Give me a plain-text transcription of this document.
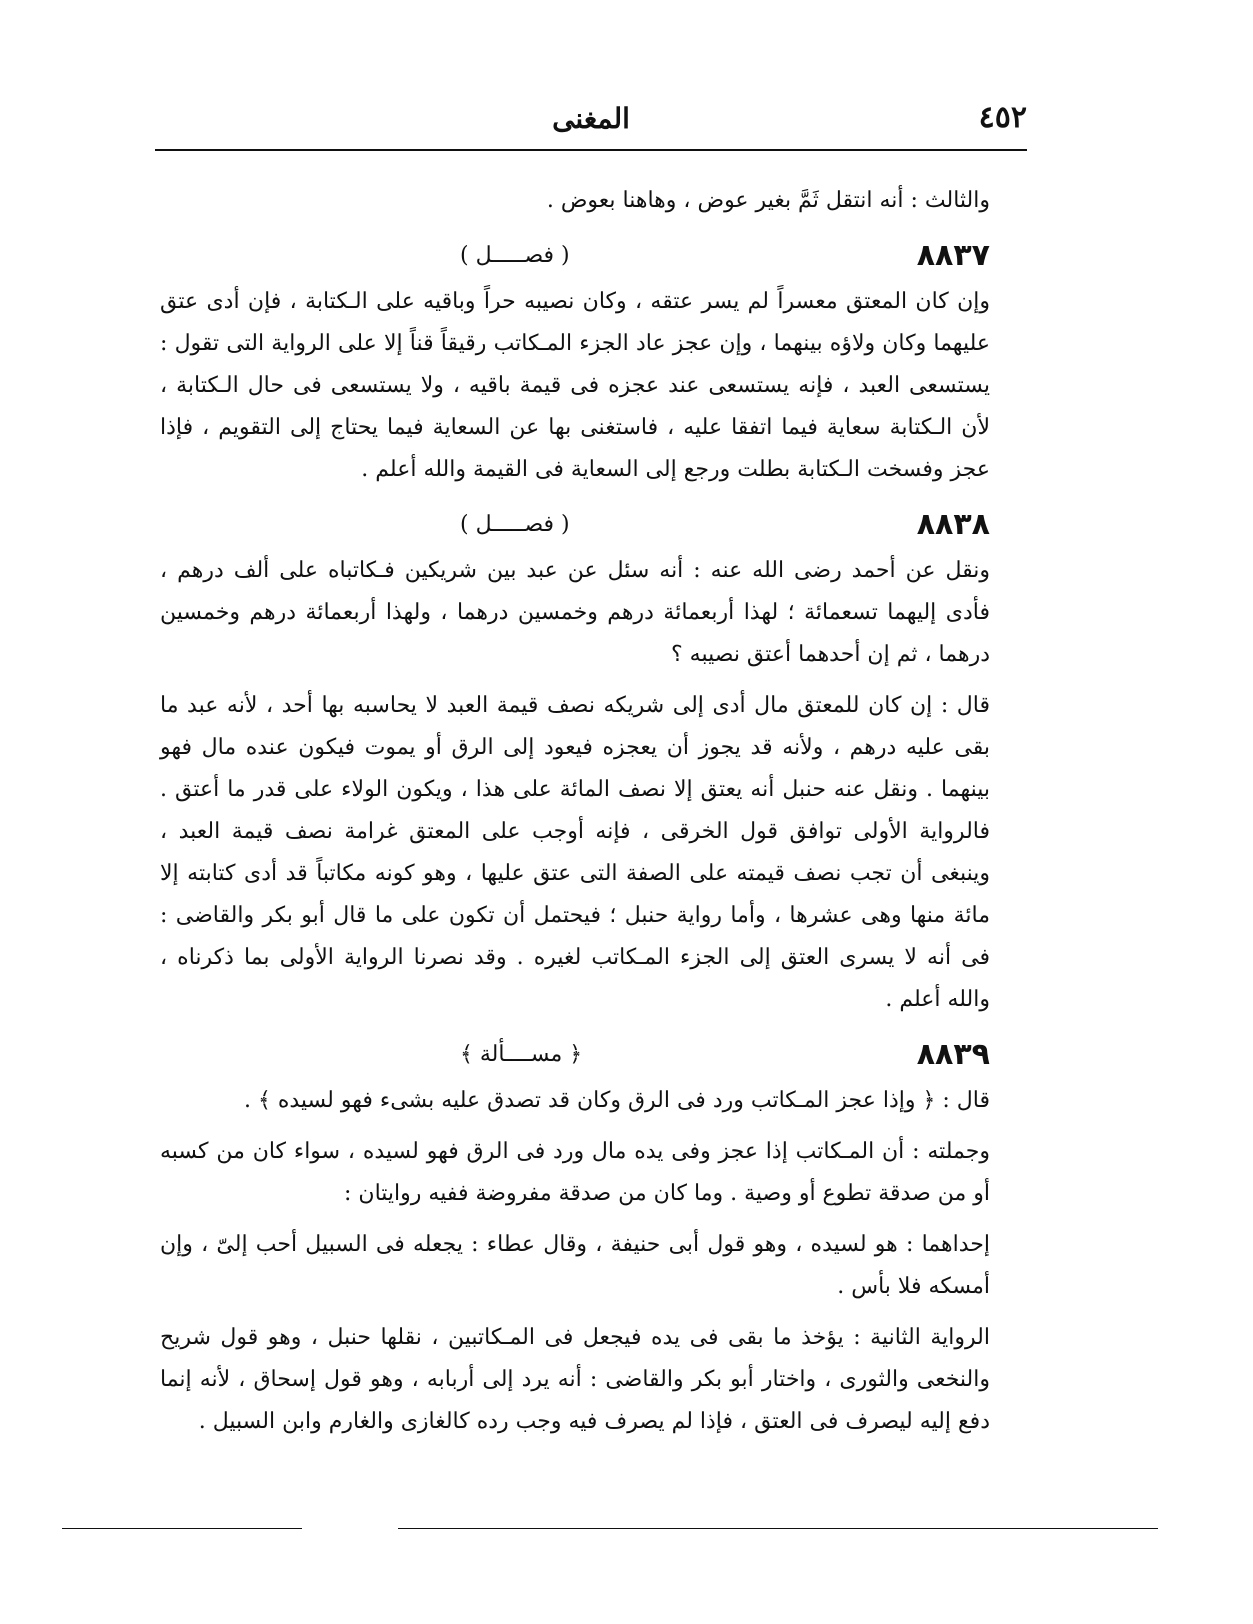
٤٥٢
المغنى

والثالث : أنه انتقل ثَمَّ بغير عوض ، وهاهنا بعوض .

٨٨٣٧
( فصـــــل )

وإن كان المعتق معسراً لم يسر عتقه ، وكان نصيبه حراً وباقيه على الـكتابة ، فإن أدى عتق عليهما وكان ولاؤه بينهما ، وإن عجز عاد الجزء المـكاتب رقيقاً قناً إلا على الرواية التى تقول : يستسعى العبد ، فإنه يستسعى عند عجزه فى قيمة باقيه ، ولا يستسعى فى حال الـكتابة ، لأن الـكتابة سعاية فيما اتفقا عليه ، فاستغنى بها عن السعاية فيما يحتاج إلى التقويم ، فإذا عجز وفسخت الـكتابة بطلت ورجع إلى السعاية فى القيمة والله أعلم .

٨٨٣٨
( فصـــــل )

ونقل عن أحمد رضى الله عنه : أنه سئل عن عبد بين شريكين فـكاتباه على ألف درهم ، فأدى إليهما تسعمائة ؛ لهذا أربعمائة درهم وخمسين درهما ، ولهذا أربعمائة درهم وخمسين درهما ، ثم إن أحدهما أعتق نصيبه ؟

قال : إن كان للمعتق مال أدى إلى شريكه نصف قيمة العبد لا يحاسبه بها أحد ، لأنه عبد ما بقى عليه درهم ، ولأنه قد يجوز أن يعجزه فيعود إلى الرق أو يموت فيكون عنده مال فهو بينهما . ونقل عنه حنبل أنه يعتق إلا نصف المائة على هذا ، ويكون الولاء على قدر ما أعتق . فالرواية الأولى توافق قول الخرقى ، فإنه أوجب على المعتق غرامة نصف قيمة العبد ، وينبغى أن تجب نصف قيمته على الصفة التى عتق عليها ، وهو كونه مكاتباً قد أدى كتابته إلا مائة منها وهى عشرها ، وأما رواية حنبل ؛ فيحتمل أن تكون على ما قال أبو بكر والقاضى : فى أنه لا يسرى العتق إلى الجزء المـكاتب لغيره . وقد نصرنا الرواية الأولى بما ذكرناه ، والله أعلم .

٨٨٣٩
﴿ مســــألة ﴾

قال : ﴿ وإذا عجز المـكاتب ورد فى الرق وكان قد تصدق عليه بشىء فهو لسيده ﴾ .

وجملته : أن المـكاتب إذا عجز وفى يده مال ورد فى الرق فهو لسيده ، سواء كان من كسبه أو من صدقة تطوع أو وصية . وما كان من صدقة مفروضة ففيه روايتان :

إحداهما : هو لسيده ، وهو قول أبى حنيفة ، وقال عطاء : يجعله فى السبيل أحب إلىّ ، وإن أمسكه فلا بأس .

الرواية الثانية : يؤخذ ما بقى فى يده فيجعل فى المـكاتبين ، نقلها حنبل ، وهو قول شريح والنخعى والثورى ، واختار أبو بكر والقاضى : أنه يرد إلى أربابه ، وهو قول إسحاق ، لأنه إنما دفع إليه ليصرف فى العتق ، فإذا لم يصرف فيه وجب رده كالغازى والغارم وابن السبيل .
